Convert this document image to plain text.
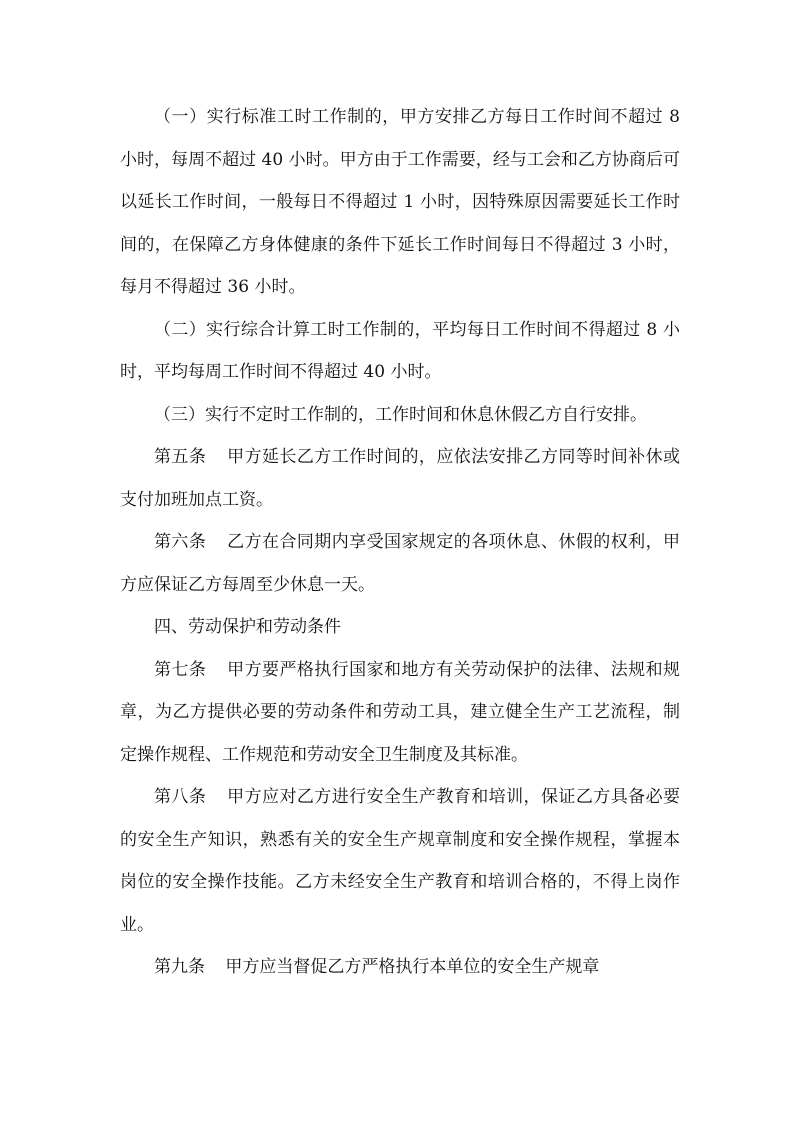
（一）实行标准工时工作制的，甲方安排乙方每日工作时间不超过 8 小时，每周不超过 40 小时。甲方由于工作需要，经与工会和乙方协商后可以延长工作时间，一般每日不得超过 1 小时，因特殊原因需要延长工作时间的，在保障乙方身体健康的条件下延长工作时间每日不得超过 3 小时，每月不得超过 36 小时。

（二）实行综合计算工时工作制的，平均每日工作时间不得超过 8 小时，平均每周工作时间不得超过 40 小时。

（三）实行不定时工作制的，工作时间和休息休假乙方自行安排。

第五条 甲方延长乙方工作时间的，应依法安排乙方同等时间补休或支付加班加点工资。

第六条 乙方在合同期内享受国家规定的各项休息、休假的权利，甲方应保证乙方每周至少休息一天。

四、劳动保护和劳动条件

第七条 甲方要严格执行国家和地方有关劳动保护的法律、法规和规章，为乙方提供必要的劳动条件和劳动工具，建立健全生产工艺流程，制定操作规程、工作规范和劳动安全卫生制度及其标准。

第八条 甲方应对乙方进行安全生产教育和培训，保证乙方具备必要的安全生产知识，熟悉有关的安全生产规章制度和安全操作规程，掌握本岗位的安全操作技能。乙方未经安全生产教育和培训合格的，不得上岗作业。

第九条 甲方应当督促乙方严格执行本单位的安全生产规章
